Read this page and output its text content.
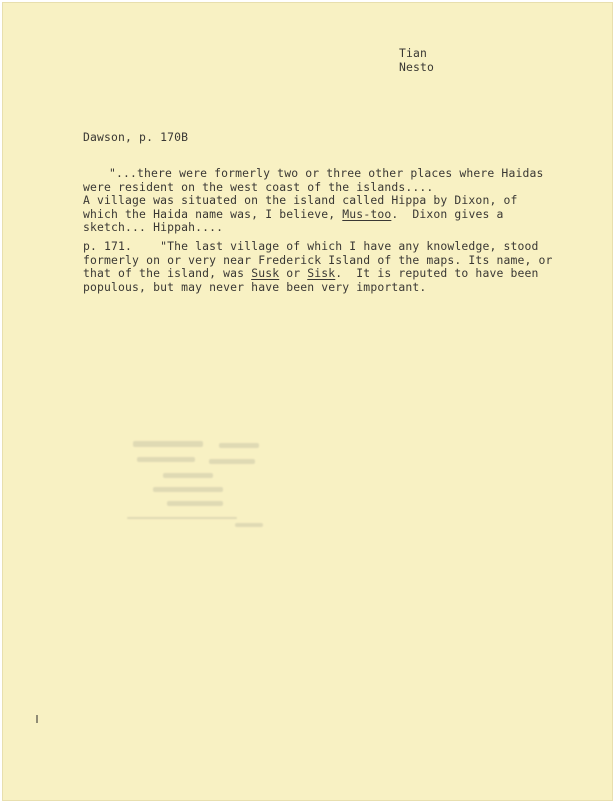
Tian
Nesto
Dawson, p. 170B
"...there were formerly two or three other places where Haidas
were resident on the west coast of the islands....
A village was situated on the island called Hippa by Dixon, of
which the Haida name was, I believe, Mus-too.  Dixon gives a
sketch... Hippah....
p. 171. "The last village of which I have any knowledge, stood
formerly on or very near Frederick Island of the maps. Its name, or
that of the island, was Susk or Sisk.  It is reputed to have been
populous, but may never have been very important.
